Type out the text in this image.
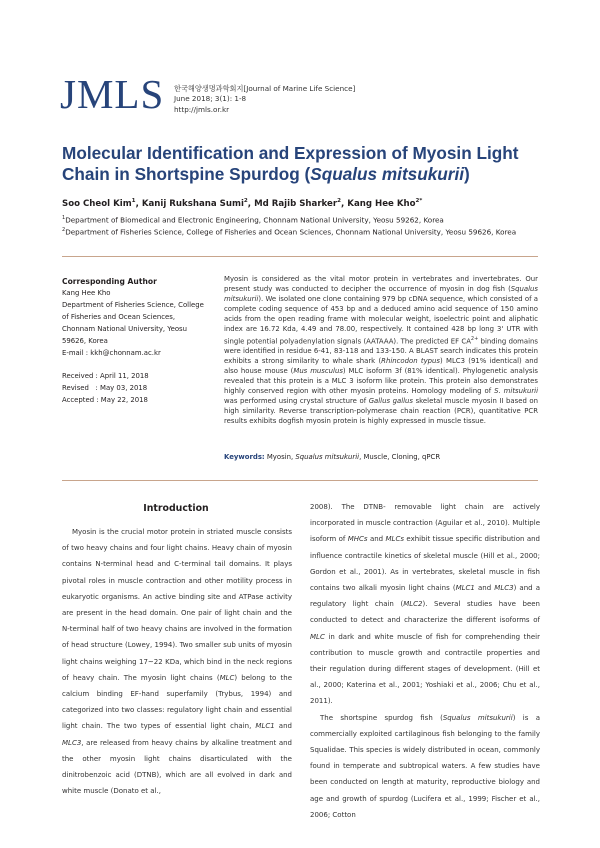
JMLS 한국해양생명과학회지[Journal of Marine Life Science]
June 2018; 3(1): 1-8
http://jmls.or.kr
Molecular Identification and Expression of Myosin Light Chain in Shortspine Spurdog (Squalus mitsukurii)
Soo Cheol Kim$^1$, Kanij Rukshana Sumi$^2$, Md Rajib Sharker$^2$, Kang Hee Kho$^{2*}$
$^1$Department of Biomedical and Electronic Engineering, Chonnam National University, Yeosu 59262, Korea
$^2$Department of Fisheries Science, College of Fisheries and Ocean Sciences, Chonnam National University, Yeosu 59626, Korea
Corresponding Author
Kang Hee Kho
Department of Fisheries Science, College
of Fisheries and Ocean Sciences,
Chonnam National University, Yeosu
59626, Korea
E-mail : kkh@chonnam.ac.kr
Received : April 11, 2018
Revised   : May 03, 2018
Accepted : May 22, 2018
Myosin is considered as the vital motor protein in vertebrates and invertebrates. Our present study was conducted to decipher the occurrence of myosin in dog fish (Squalus mitsukurii). We isolated one clone containing 979 bp cDNA sequence, which consisted of a complete coding sequence of 453 bp and a deduced amino acid sequence of 150 amino acids from the open reading frame with molecular weight, isoelectric point and aliphatic index are 16.72 Kda, 4.49 and 78.00, respectively. It contained 428 bp long 3' UTR with single potential polyadenylation signals (AATAAA). The predicted EF $CA^{2+}$ binding domains were identified in residue 6-41, 83-118 and 133-150. A BLAST search indicates this protein exhibits a strong similarity to whale shark (Rhincodon typus) MLC3 (91% identical) and also house mouse (Mus musculus) MLC isoform 3f (81% identical). Phylogenetic analysis revealed that this protein is a MLC 3 isoform like protein. This protein also demonstrates highly conserved region with other myosin proteins. Homology modeling of S. mitsukurii was performed using crystal structure of Gallus gallus skeletal muscle myosin II based on high similarity. Reverse transcription-polymerase chain reaction (PCR), quantitative PCR results exhibits dogfish myosin protein is highly expressed in muscle tissue.
Keywords: Myosin, Squalus mitsukurii, Muscle, Cloning, qPCR
Introduction

Myosin is the crucial motor protein in striated muscle consists of two heavy chains and four light chains. Heavy chain of myosin contains N-terminal head and C-terminal tail domains. It plays pivotal roles in muscle contraction and other motility process in eukaryotic organisms. An active binding site and ATPase activity are present in the head domain. One pair of light chain and the N-terminal half of two heavy chains are involved in the formation of head structure (Lowey, 1994). Two smaller sub units of myosin light chains weighing 17~22 KDa, which bind in the neck regions of heavy chain. The myosin light chains (MLC) belong to the calcium binding EF-hand superfamily (Trybus, 1994) and categorized into two classes: regulatory light chain and essential light chain. The two types of essential light chain, MLC1 and MLC3, are released from heavy chains by alkaline treatment and the other myosin light chains disarticulated with the dinitrobenzoic acid (DTNB), which are all evolved in dark and white muscle (Donato et al.,

2008). The DTNB- removable light chain are actively incorporated in muscle contraction (Aguilar et al., 2010). Multiple isoform of MHCs and MLCs exhibit tissue specific distribution and influence contractile kinetics of skeletal muscle (Hill et al., 2000; Gordon et al., 2001). As in vertebrates, skeletal muscle in fish contains two alkali myosin light chains (MLC1 and MLC3) and a regulatory light chain (MLC2). Several studies have been conducted to detect and characterize the different isoforms of MLC in dark and white muscle of fish for comprehending their contribution to muscle growth and contractile properties and their regulation during different stages of development. (Hill et al., 2000; Katerina et al., 2001; Yoshiaki et al., 2006; Chu et al., 2011).

The shortspine spurdog fish (Squalus mitsukurii) is a commercially exploited cartilaginous fish belonging to the family Squalidae. This species is widely distributed in ocean, commonly found in temperate and subtropical waters. A few studies have been conducted on length at maturity, reproductive biology and age and growth of spurdog (Lucifera et al., 1999; Fischer et al., 2006; Cotton
